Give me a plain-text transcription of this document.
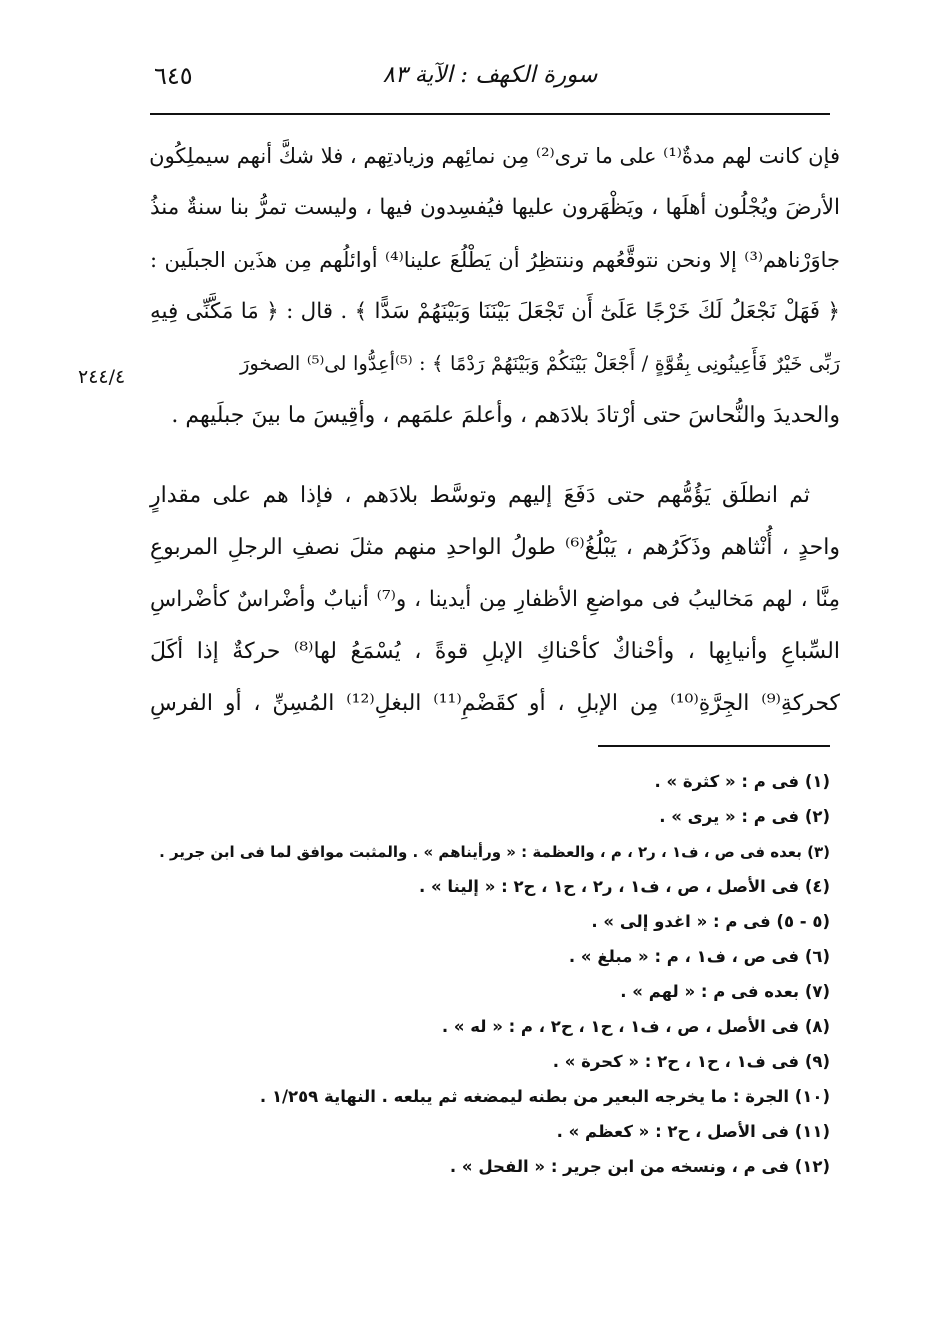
٦٤٥	سورة الكهف : الآية ٨٣
٢٤٤/٤
فإن كانت لهم مدةٌ⁽¹⁾ على ما ترى⁽²⁾ مِن نمائِهم وزيادتِهم ، فلا شكَّ أنهم سيملِكُون
الأرضَ ويُجْلُون أهلَها ، ويَظْهَرون عليها فيُفسِدون فيها ، وليست تمرُّ بنا سنةٌ منذُ
جاوَرْناهم⁽³⁾ إلا ونحن نتوقَّعُهم وننتظِرُ أن يَطْلُعَ علينا⁽⁴⁾ أوائلُهم مِن هذَين الجبلَين :
﴿ فَهَلْ نَجْعَلُ لَكَ خَرْجًا عَلَىٰٓ أَن تَجْعَلَ بَيْنَنَا وَبَيْنَهُمْ سَدًّا ﴾ . قال : ﴿ مَا مَكَّنِّى فِيهِ
رَبِّى خَيْرٌ فَأَعِينُونِى بِقُوَّةٍ / أَجْعَلْ بَيْنَكُمْ وَبَيْنَهُمْ رَدْمًا ﴾ : ⁽⁵⁾أعِدُّوا لى⁽⁵⁾ الصخورَ
والحديدَ والنُّحاسَ حتى أرْتادَ بلادَهم ، وأعلمَ علمَهم ، وأقِيسَ ما بينَ جبلَيهم .
ثم انطلَق يَؤُمُّهم حتى دَفَعَ إليهم وتوسَّط بلادَهم ، فإذا هم على مقدارٍ
واحدٍ ، أُنْثاهم وذَكَرُهم ، يَبْلُغُ⁽⁶⁾ طولُ الواحدِ منهم مثلَ نصفِ الرجلِ المربوعِ
مِنَّا ، لهم مَخاليبُ فى مواضعِ الأظفارِ مِن أيدينا ، و⁽⁷⁾ أنيابٌ وأضْراسٌ كأضْراسِ
السِّباعِ وأنيابِها ، وأحْناكٌ كأحْناكِ الإبلِ قوةً ، يُسْمَعُ لها⁽⁸⁾ حركةٌ إذا أكَلَ
كحركةِ⁽⁹⁾ الجِرَّةِ⁽¹⁰⁾ مِن الإبلِ ، أو كقَضْمِ⁽¹¹⁾ البغلِ⁽¹²⁾ المُسِنِّ ، أو الفرسِ
(١) فى م : « كثرة » .
(٢) فى م : « يرى » .
(٣) بعده فى ص ، ف١ ، ر٢ ، م ، والعظمة : « ورأيناهم » . والمثبت موافق لما فى ابن جرير .
(٤) فى الأصل ، ص ، ف١ ، ر٢ ، ح١ ، ح٢ : « إلينا » .
(٥ - ٥) فى م : « اغدو إلى » .
(٦) فى ص ، ف١ ، م : « مبلغ » .
(٧) بعده فى م : « لهم » .
(٨) فى الأصل ، ص ، ف١ ، ح١ ، ح٢ ، م : « له » .
(٩) فى ف١ ، ح١ ، ح٢ : « كحرة » .
(١٠) الجرة : ما يخرجه البعير من بطنه ليمضغه ثم يبلعه . النهاية ١/٢٥٩ .
(١١) فى الأصل ، ح٢ : « كعظم » .
(١٢) فى م ، ونسخه من ابن جرير : « الفحل » .
